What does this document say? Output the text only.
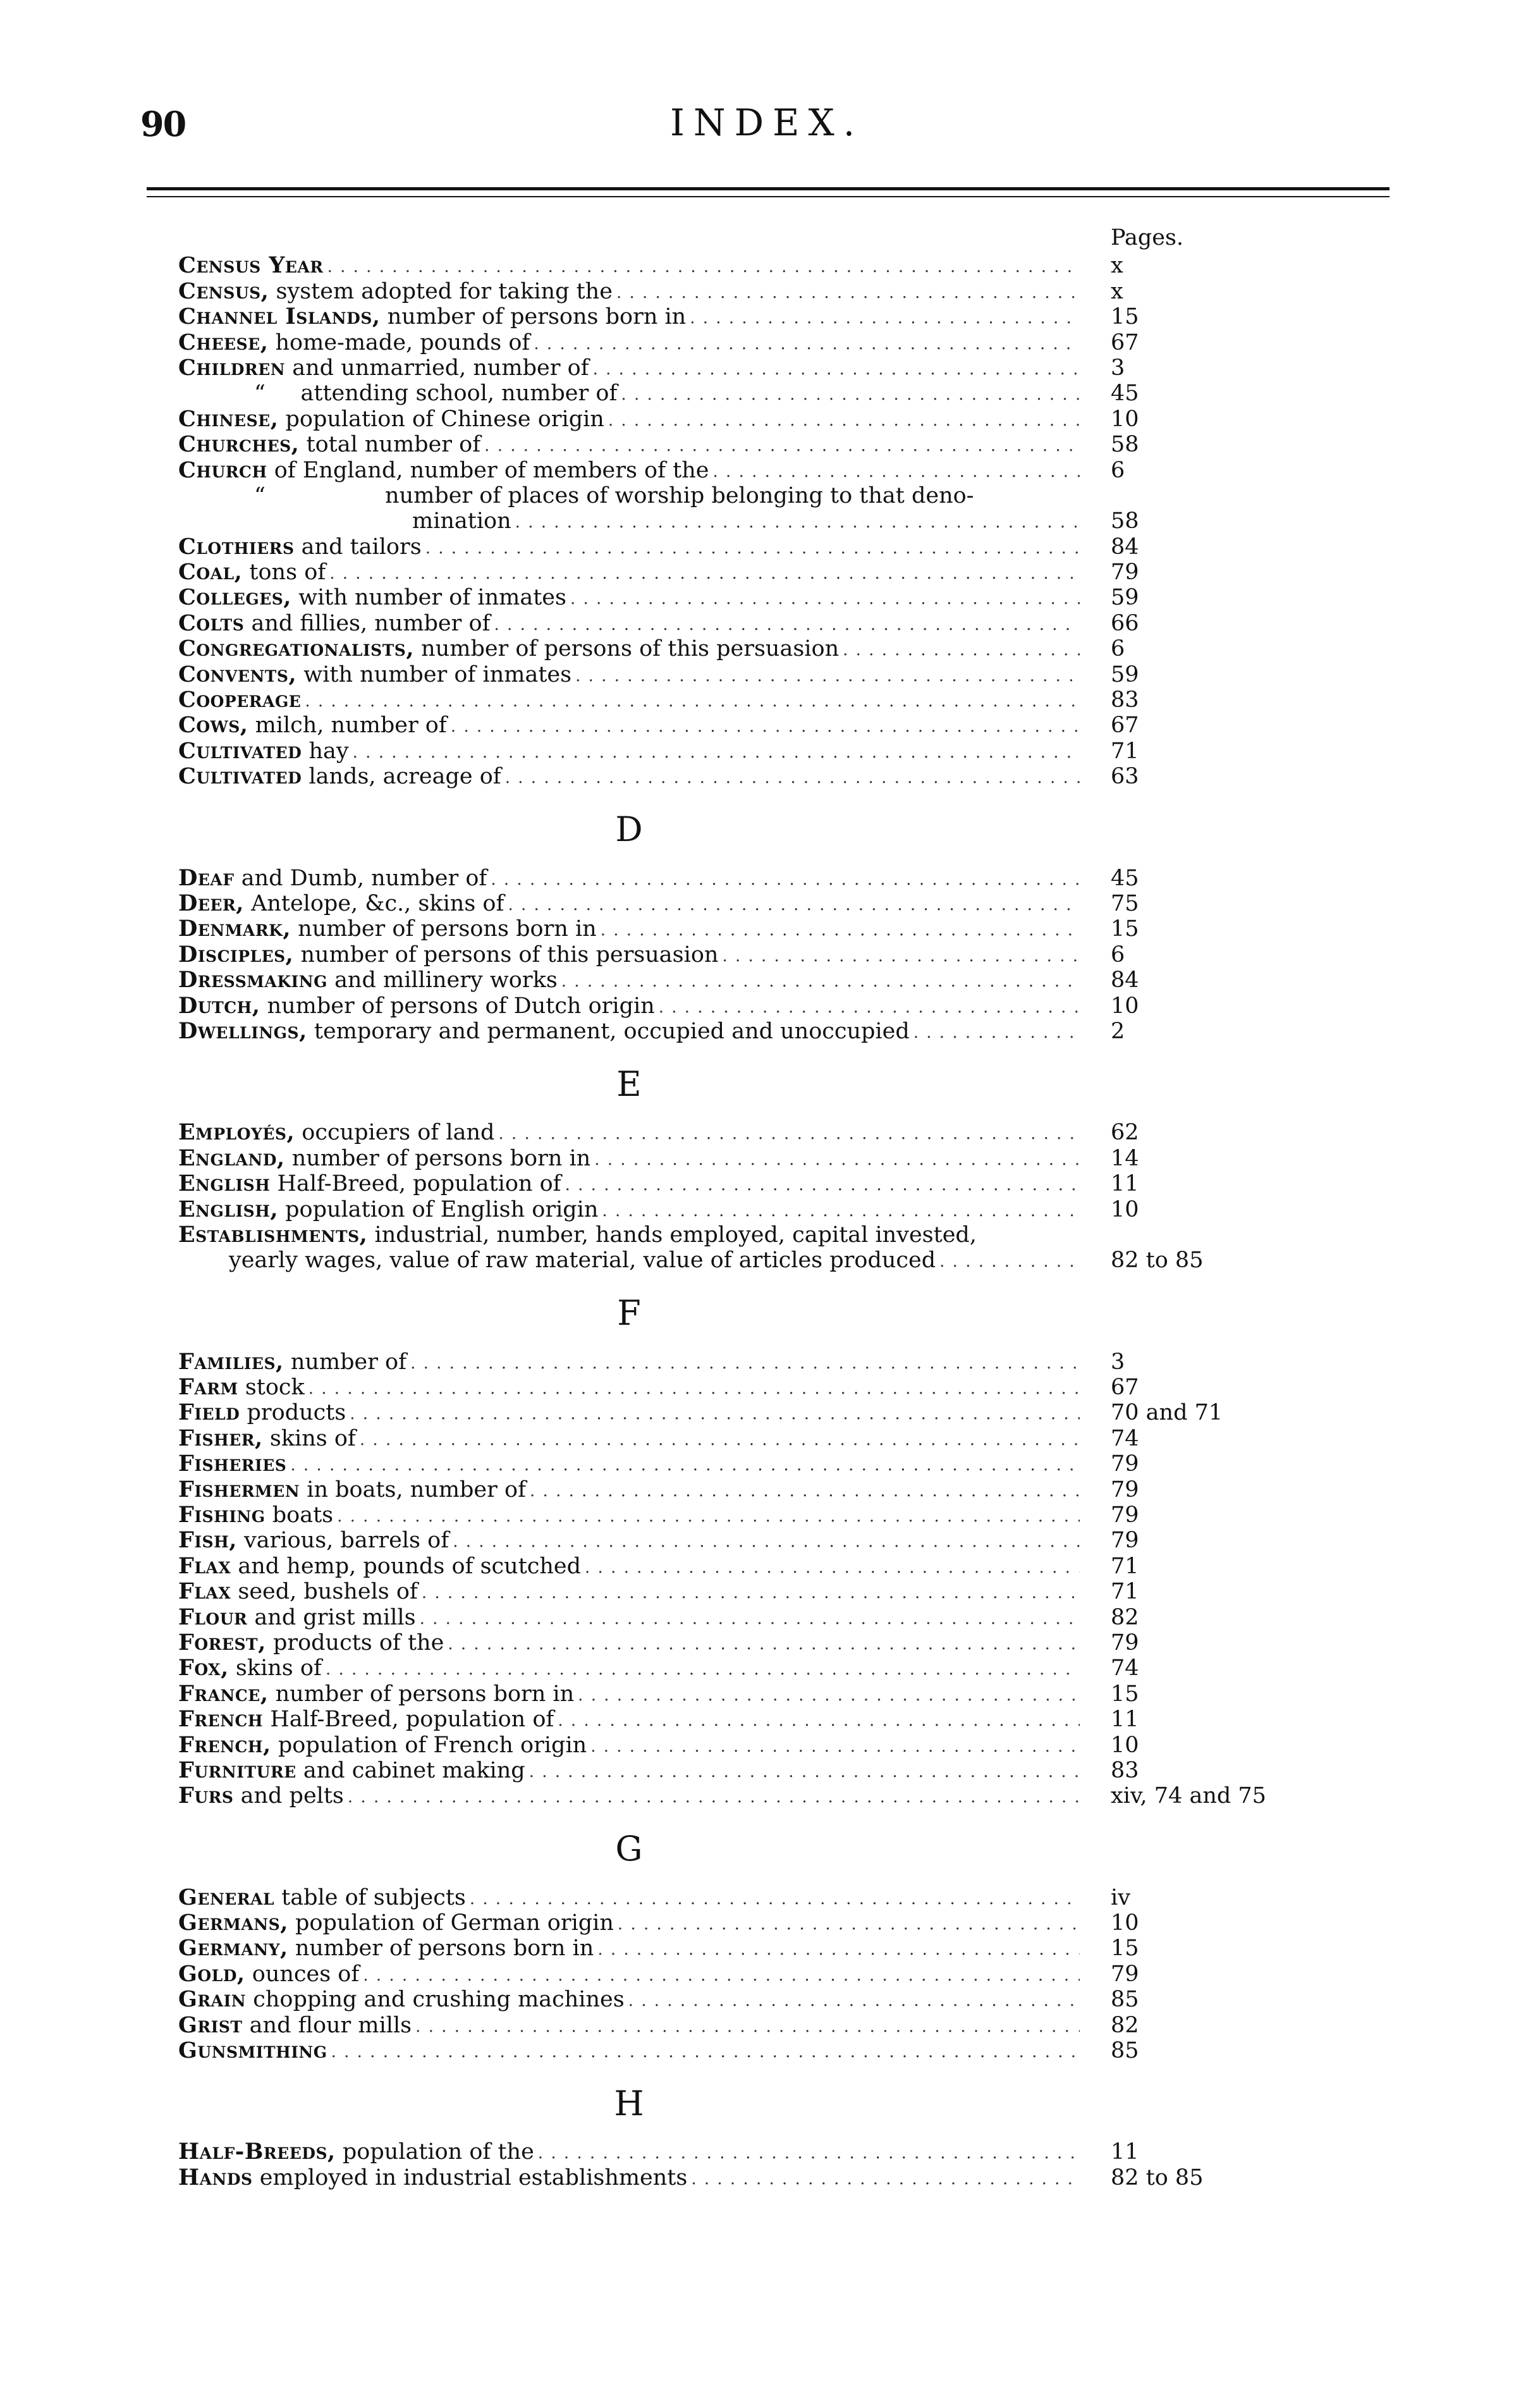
90	INDEX.
Pages.
Census Year . . .	x
Census, system adopted for taking the . . .	x
Channel Islands, number of persons born in . . .	15
Cheese, home-made, pounds of . . .	67
Children and unmarried, number of . . .	3
“     attending school, number of . . .	45
Chinese, population of Chinese origin . . .	10
Churches, total number of . . .	58
Church of England, number of members of the . . .	6
“                 number of places of worship belonging to that deno-
mination . . .	58
Clothiers and tailors . . .	84
Coal, tons of . . .	79
Colleges, with number of inmates . . .	59
Colts and fillies, number of . . .	66
Congregationalists, number of persons of this persuasion . . .	6
Convents, with number of inmates . . .	59
Cooperage . . .	83
Cows, milch, number of . . .	67
Cultivated hay . . .	71
Cultivated lands, acreage of . . .	63
D
Deaf and Dumb, number of . . .	45
Deer, Antelope, &c., skins of . . .	75
Denmark, number of persons born in . . .	15
Disciples, number of persons of this persuasion . . .	6
Dressmaking and millinery works . . .	84
Dutch, number of persons of Dutch origin . . .	10
Dwellings, temporary and permanent, occupied and unoccupied . . .	2
E
Employés, occupiers of land . . .	62
England, number of persons born in . . .	14
English Half-Breed, population of . . .	11
English, population of English origin . . .	10
Establishments, industrial, number, hands employed, capital invested,
yearly wages, value of raw material, value of articles produced . . .	82 to 85
F
Families, number of . . .	3
Farm stock . . .	67
Field products . . .	70 and 71
Fisher, skins of . . .	74
Fisheries . . .	79
Fishermen in boats, number of . . .	79
Fishing boats . . .	79
Fish, various, barrels of . . .	79
Flax and hemp, pounds of scutched . . .	71
Flax seed, bushels of . . .	71
Flour and grist mills . . .	82
Forest, products of the . . .	79
Fox, skins of . . .	74
France, number of persons born in . . .	15
French Half-Breed, population of . . .	11
French, population of French origin . . .	10
Furniture and cabinet making . . .	83
Furs and pelts . . .	xiv, 74 and 75
G
General table of subjects . . .	iv
Germans, population of German origin . . .	10
Germany, number of persons born in . . .	15
Gold, ounces of . . .	79
Grain chopping and crushing machines . . .	85
Grist and flour mills . . .	82
Gunsmithing . . .	85
H
Half-Breeds, population of the . . .	11
Hands employed in industrial establishments . . .	82 to 85
